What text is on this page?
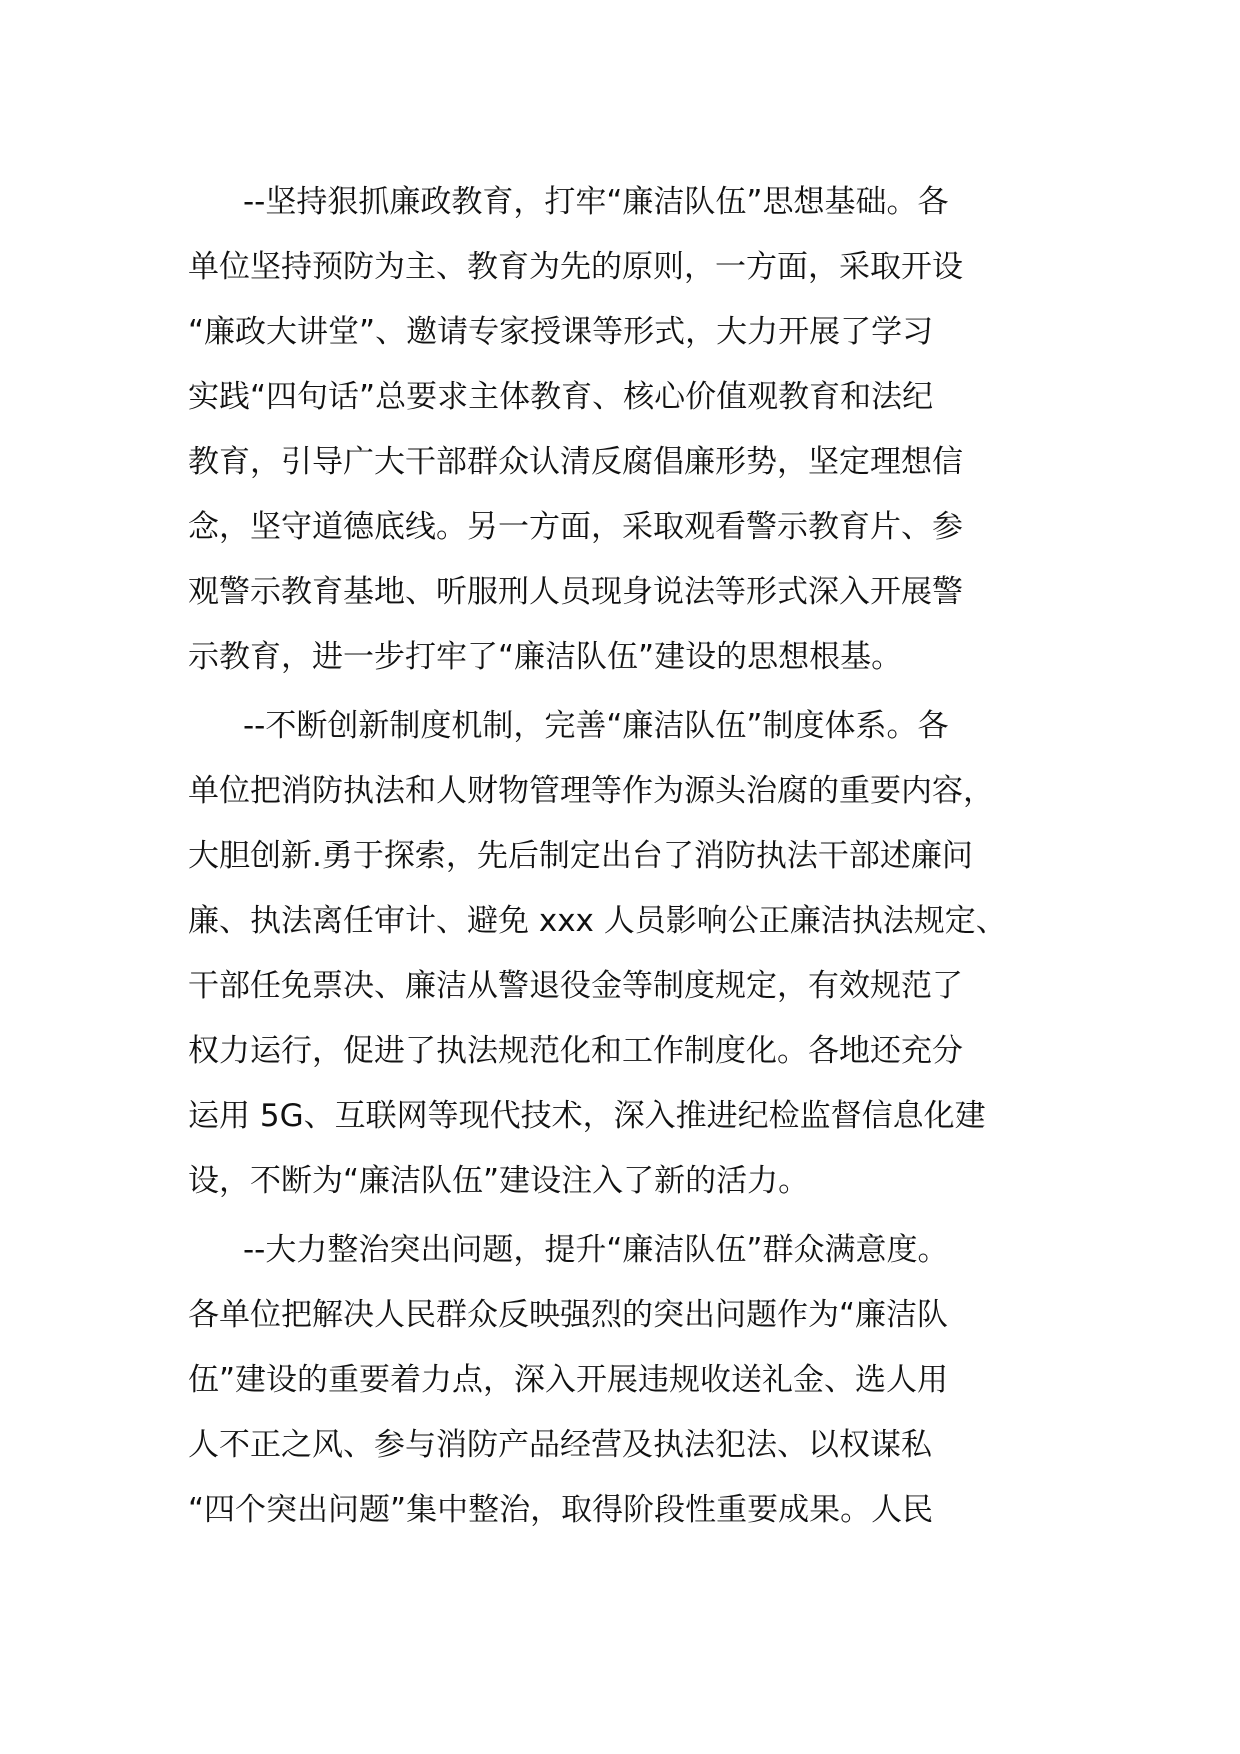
--坚持狠抓廉政教育，打牢“廉洁队伍”思想基础。各
单位坚持预防为主、教育为先的原则，一方面，采取开设
“廉政大讲堂”、邀请专家授课等形式，大力开展了学习
实践“四句话”总要求主体教育、核心价值观教育和法纪
教育，引导广大干部群众认清反腐倡廉形势，坚定理想信
念，坚守道德底线。另一方面，采取观看警示教育片、参
观警示教育基地、听服刑人员现身说法等形式深入开展警
示教育，进一步打牢了“廉洁队伍”建设的思想根基。
--不断创新制度机制，完善“廉洁队伍”制度体系。各
单位把消防执法和人财物管理等作为源头治腐的重要内容，
大胆创新.勇于探索，先后制定出台了消防执法干部述廉问
廉、执法离任审计、避免 xxx 人员影响公正廉洁执法规定、
干部任免票决、廉洁从警退役金等制度规定，有效规范了
权力运行，促进了执法规范化和工作制度化。各地还充分
运用 5G、互联网等现代技术，深入推进纪检监督信息化建
设，不断为“廉洁队伍”建设注入了新的活力。
--大力整治突出问题，提升“廉洁队伍”群众满意度。
各单位把解决人民群众反映强烈的突出问题作为“廉洁队
伍”建设的重要着力点，深入开展违规收送礼金、选人用
人不正之风、参与消防产品经营及执法犯法、以权谋私
“四个突出问题”集中整治，取得阶段性重要成果。人民
